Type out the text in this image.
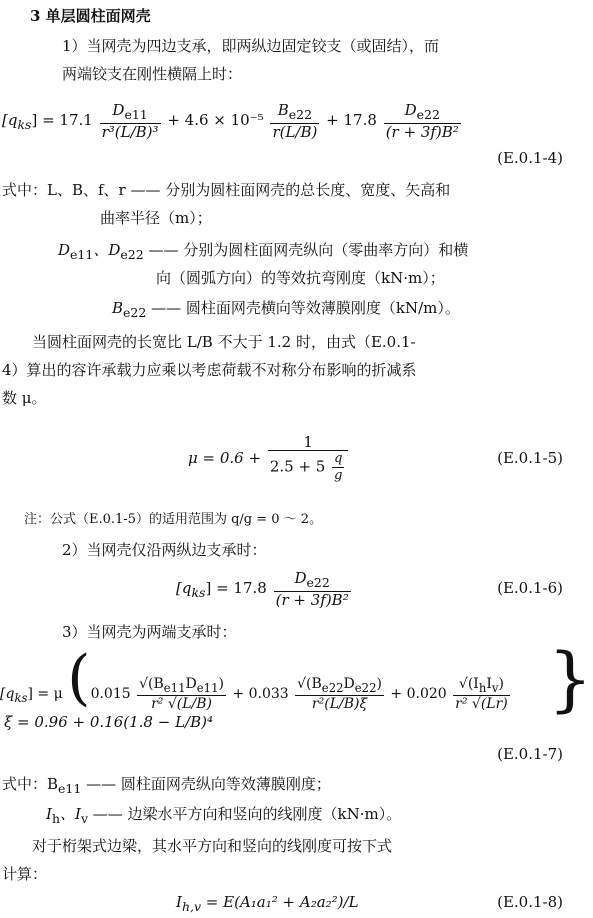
3 单层圆柱面网壳
1）当网壳为四边支承，即两纵边固定铰支（或固结），而
两端铰支在刚性横隔上时：
$[q_{ks}] = 17.1 \frac{D_{e11}}{\text{r³(L/B)³}} + 4.6 \times 10^{-5} \frac{B_{e22}}{r(L/B)} + 17.8 \frac{D_{e22}}{\text{(r + 3f)B²}}$
(E.0.1-4)
式中：L、B、f、r —— 分别为圆柱面网壳的总长度、宽度、矢高和
曲率半径（m）；
$D_{e11}$、$D_{e22}$ —— 分别为圆柱面网壳纵向（零曲率方向）和横
向（圆弧方向）的等效抗弯刚度（kN·m）；
$B_{e22}$ —— 圆柱面网壳横向等效薄膜刚度（kN/m）。
当圆柱面网壳的长宽比 L/B 不大于 1.2 时，由式（E.0.1-
4）算出的容许承载力应乘以考虑荷载不对称分布影响的折减系
数 μ。
$\mu = 0.6 + \frac{1}{2.5 + 5 \frac{q}{g}}$	(E.0.1-5)
注：公式（E.0.1-5）的适用范围为 q/g = 0 ～ 2。
2）当网壳仅沿两纵边支承时：
$[q_{ks}] = 17.8 \frac{D_{e22}}{\text{(r + 3f)B²}}$	(E.0.1-6)
3）当网壳为两端支承时：
$[q_{ks}] = \mu$ ($0.015 \frac{√(B_{e11}D_{e11})}{\text{r² √(L/B)}} + 0.033 \frac{√(B_{e22}D_{e22})}{\text{r²(L/B)ξ}} + 0.020 \frac{√(I_hI_v)}{\text{r² √(Lr)}}$ }
ξ = 0.96 + 0.16(1.8 − L/B)⁴
(E.0.1-7)
式中：$B_{e11}$ —— 圆柱面网壳纵向等效薄膜刚度；
$I_h$、$I_v$ —— 边梁水平方向和竖向的线刚度（kN·m）。
对于桁架式边梁，其水平方向和竖向的线刚度可按下式
计算：
$I_{h,v} = E(A_1a_1^2 + A_2a_2^2)/L$	(E.0.1-8)
